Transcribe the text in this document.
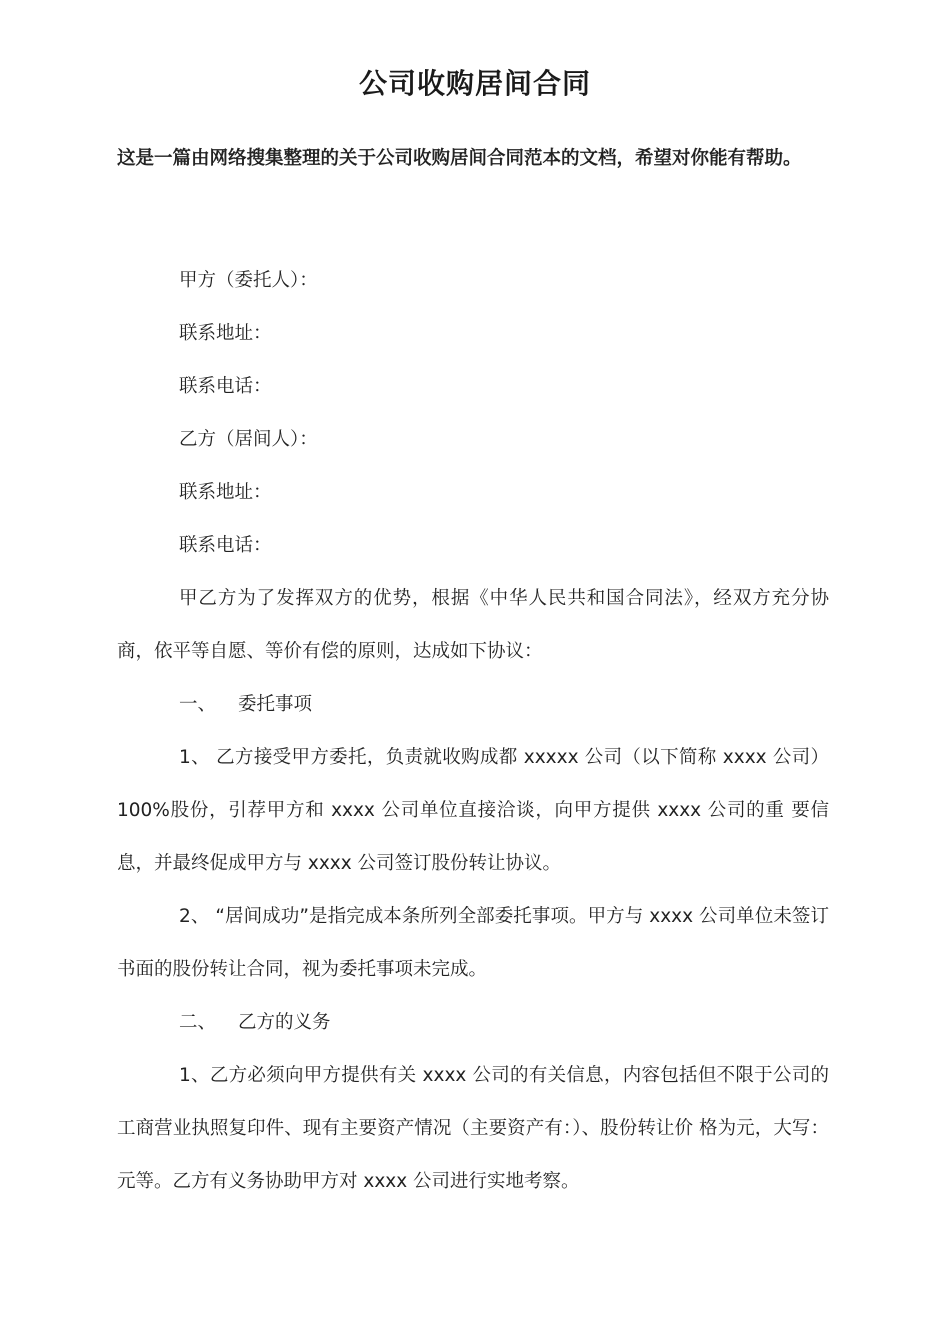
公司收购居间合同

这是一篇由网络搜集整理的关于公司收购居间合同范本的文档，希望对你能有帮助。

甲方（委托人）：

联系地址：

联系电话：

乙方（居间人）：

联系地址：

联系电话：

甲乙方为了发挥双方的优势，根据《中华人民共和国合同法》，经双方充分协商，依平等自愿、等价有偿的原则，达成如下协议：

一、 委托事项

1、 乙方接受甲方委托，负责就收购成都 xxxxx 公司（以下简称 xxxx 公司）100%股份，引荐甲方和 xxxx 公司单位直接洽谈，向甲方提供 xxxx 公司的重 要信息，并最终促成甲方与 xxxx 公司签订股份转让协议。

2、 “居间成功”是指完成本条所列全部委托事项。甲方与 xxxx 公司单位未签订书面的股份转让合同，视为委托事项未完成。

二、 乙方的义务

1、乙方必须向甲方提供有关 xxxx 公司的有关信息，内容包括但不限于公司的工商营业执照复印件、现有主要资产情况（主要资产有：）、股份转让价 格为元，大写：元等。乙方有义务协助甲方对 xxxx 公司进行实地考察。
